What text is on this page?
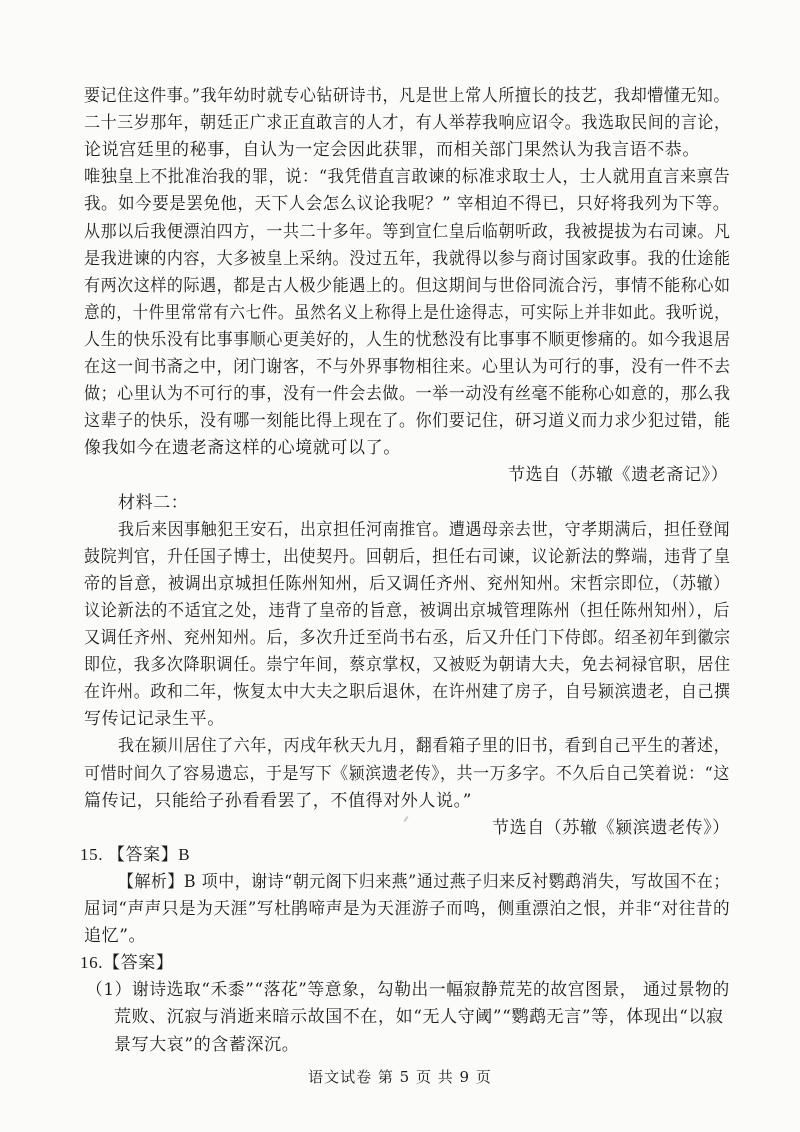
要记住这件事。”我年幼时就专心钻研诗书，凡是世上常人所擅长的技艺，我却懵懂无知。
二十三岁那年，朝廷正广求正直敢言的人才，有人举荐我响应诏令。我选取民间的言论，
论说宫廷里的秘事，自认为一定会因此获罪，而相关部门果然认为我言语不恭。
唯独皇上不批准治我的罪，说：“我凭借直言敢谏的标准求取士人，士人就用直言来禀告
我。如今要是罢免他，天下人会怎么议论我呢？” 宰相迫不得已，只好将我列为下等。
从那以后我便漂泊四方，一共二十多年。等到宣仁皇后临朝听政，我被提拔为右司谏。凡
是我进谏的内容，大多被皇上采纳。没过五年，我就得以参与商讨国家政事。我的仕途能
有两次这样的际遇，都是古人极少能遇上的。但这期间与世俗同流合污，事情不能称心如
意的，十件里常常有六七件。虽然名义上称得上是仕途得志，可实际上并非如此。我听说，
人生的快乐没有比事事顺心更美好的，人生的忧愁没有比事事不顺更惨痛的。如今我退居
在这一间书斋之中，闭门谢客，不与外界事物相往来。心里认为可行的事，没有一件不去
做；心里认为不可行的事，没有一件会去做。一举一动没有丝毫不能称心如意的，那么我
这辈子的快乐，没有哪一刻能比得上现在了。你们要记住，研习道义而力求少犯过错，能
像我如今在遗老斋这样的心境就可以了。
节选自（苏辙《遗老斋记》）
材料二：
我后来因事触犯王安石，出京担任河南推官。遭遇母亲去世，守孝期满后，担任登闻
鼓院判官，升任国子博士，出使契丹。回朝后，担任右司谏，议论新法的弊端，违背了皇
帝的旨意，被调出京城担任陈州知州，后又调任齐州、兖州知州。宋哲宗即位，（苏辙）
议论新法的不适宜之处，违背了皇帝的旨意，被调出京城管理陈州（担任陈州知州），后
又调任齐州、兖州知州。后，多次升迁至尚书右丞，后又升任门下侍郎。绍圣初年到徽宗
即位，我多次降职调任。崇宁年间，蔡京掌权，又被贬为朝请大夫，免去祠禄官职，居住
在许州。政和二年，恢复太中大夫之职后退休，在许州建了房子，自号颍滨遗老，自己撰
写传记记录生平。
我在颍川居住了六年，丙戌年秋天九月，翻看箱子里的旧书，看到自己平生的著述，
可惜时间久了容易遗忘，于是写下《颍滨遗老传》，共一万多字。不久后自己笑着说：“这
篇传记，只能给子孙看看罢了，不值得对外人说。”
节选自（苏辙《颍滨遗老传》）
15. 【答案】B
【解析】B 项中，谢诗“朝元阁下归来燕”通过燕子归来反衬鹦鹉消失，写故国不在；
屈词“声声只是为天涯”写杜鹃啼声是为天涯游子而鸣，侧重漂泊之恨，并非“对往昔的
追忆”。
16.【答案】
（1）谢诗选取“禾黍”“落花”等意象，勾勒出一幅寂静荒芜的故宫图景， 通过景物的
荒败、沉寂与消逝来暗示故国不在，如“无人守阈”“鹦鹉无言”等，体现出“以寂
景写大哀”的含蓄深沉。
语文试卷 第 5 页 共 9 页
